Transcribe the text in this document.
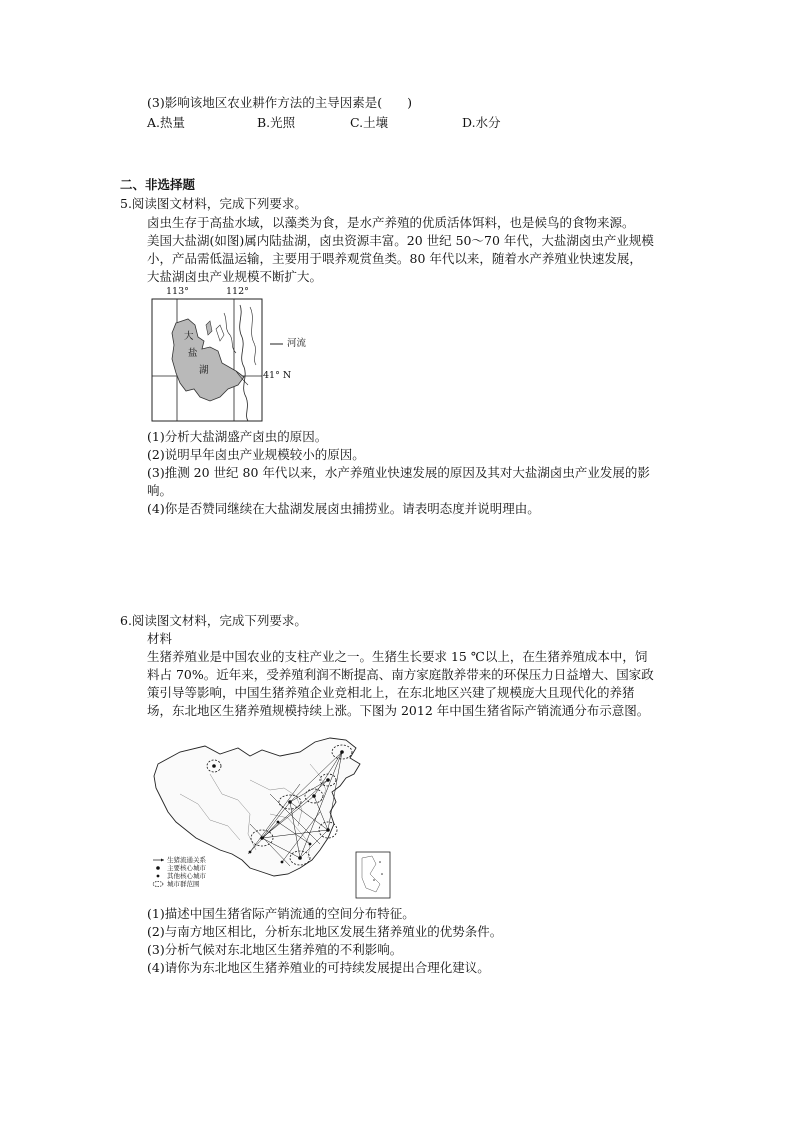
(3)影响该地区农业耕作方法的主导因素是(　　)
A.热量	B.光照	C.土壤	D.水分
二、非选择题
5.阅读图文材料，完成下列要求。
卤虫生存于高盐水域，以藻类为食，是水产养殖的优质活体饵料，也是候鸟的食物来源。
美国大盐湖(如图)属内陆盐湖，卤虫资源丰富。20 世纪 50～70 年代，大盐湖卤虫产业规模
小，产品需低温运输，主要用于喂养观赏鱼类。80 年代以来，随着水产养殖业快速发展，
大盐湖卤虫产业规模不断扩大。
113°	112°
41° N
河流
大
盐
湖
(1)分析大盐湖盛产卤虫的原因。
(2)说明早年卤虫产业规模较小的原因。
(3)推测 20 世纪 80 年代以来，水产养殖业快速发展的原因及其对大盐湖卤虫产业发展的影
响。
(4)你是否赞同继续在大盐湖发展卤虫捕捞业。请表明态度并说明理由。
6.阅读图文材料，完成下列要求。
材料
生猪养殖业是中国农业的支柱产业之一。生猪生长要求 15 ℃以上，在生猪养殖成本中，饲
料占 70%。近年来，受养殖利润不断提高、南方家庭散养带来的环保压力日益增大、国家政
策引导等影响，中国生猪养殖企业竞相北上，在东北地区兴建了规模庞大且现代化的养猪
场，东北地区生猪养殖规模持续上涨。下图为 2012 年中国生猪省际产销流通分布示意图。
生猪流通关系
主要核心城市
其他核心城市
城市群范围
(1)描述中国生猪省际产销流通的空间分布特征。
(2)与南方地区相比，分析东北地区发展生猪养殖业的优势条件。
(3)分析气候对东北地区生猪养殖的不利影响。
(4)请你为东北地区生猪养殖业的可持续发展提出合理化建议。
